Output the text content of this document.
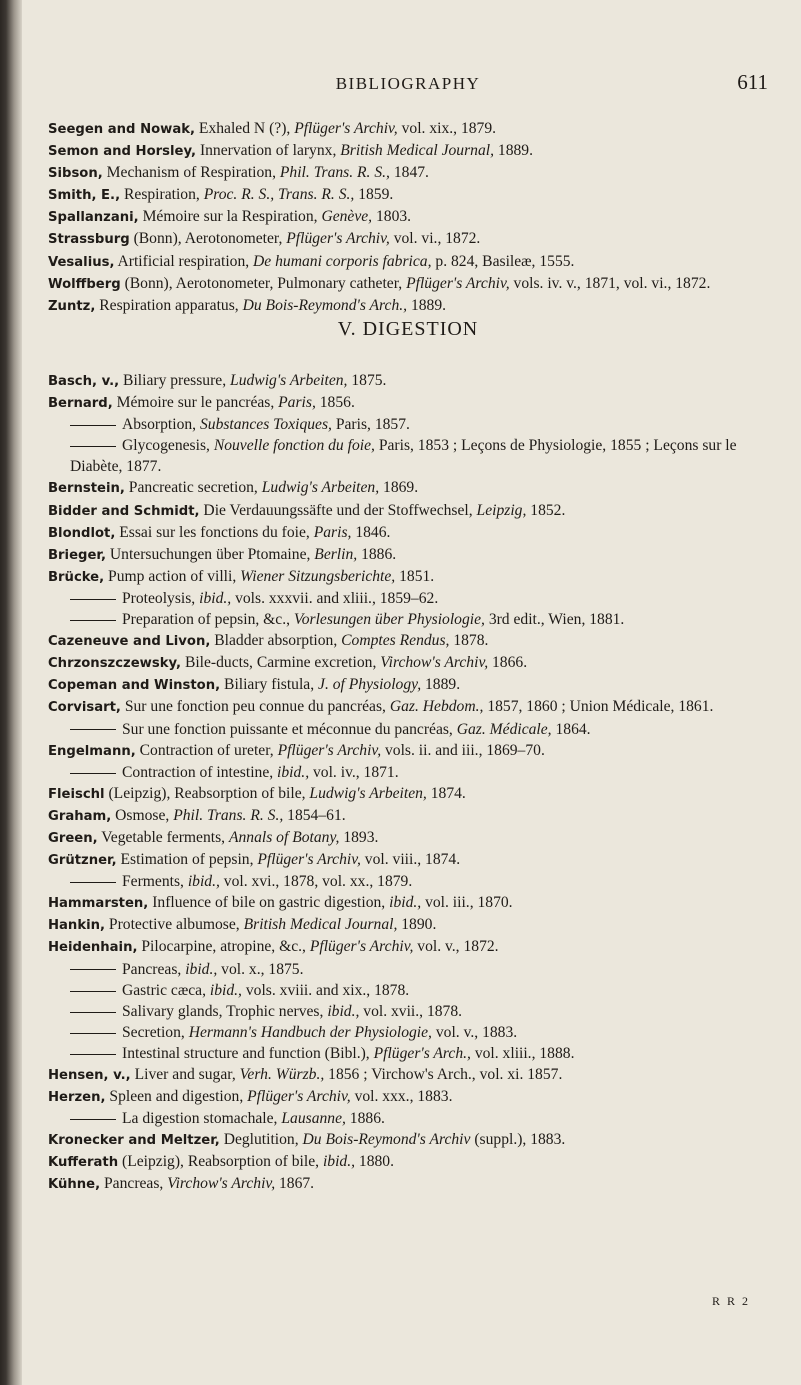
BIBLIOGRAPHY	611

Seegen and Nowak, Exhaled N (?), Pflüger's Archiv, vol. xix., 1879.

Semon and Horsley, Innervation of larynx, British Medical Journal, 1889.

Sibson, Mechanism of Respiration, Phil. Trans. R. S., 1847.

Smith, E., Respiration, Proc. R. S., Trans. R. S., 1859.

Spallanzani, Mémoire sur la Respiration, Genève, 1803.

Strassburg (Bonn), Aerotonometer, Pflüger's Archiv, vol. vi., 1872.

Vesalius, Artificial respiration, De humani corporis fabrica, p. 824, Basileæ, 1555.

Wolffberg (Bonn), Aerotonometer, Pulmonary catheter, Pflüger's Archiv, vols. iv. v., 1871, vol. vi., 1872.

Zuntz, Respiration apparatus, Du Bois-Reymond's Arch., 1889.

V. DIGESTION

Basch, v., Biliary pressure, Ludwig's Arbeiten, 1875.

Bernard, Mémoire sur le pancréas, Paris, 1856.

Absorption, Substances Toxiques, Paris, 1857.

Glycogenesis, Nouvelle fonction du foie, Paris, 1853 ; Leçons de Physiologie, 1855 ; Leçons sur le Diabète, 1877.

Bernstein, Pancreatic secretion, Ludwig's Arbeiten, 1869.

Bidder and Schmidt, Die Verdauungssäfte und der Stoffwechsel, Leipzig, 1852.

Blondlot, Essai sur les fonctions du foie, Paris, 1846.

Brieger, Untersuchungen über Ptomaine, Berlin, 1886.

Brücke, Pump action of villi, Wiener Sitzungsberichte, 1851.

Proteolysis, ibid., vols. xxxvii. and xliii., 1859–62.

Preparation of pepsin, &c., Vorlesungen über Physiologie, 3rd edit., Wien, 1881.

Cazeneuve and Livon, Bladder absorption, Comptes Rendus, 1878.

Chrzonszczewsky, Bile-ducts, Carmine excretion, Virchow's Archiv, 1866.

Copeman and Winston, Biliary fistula, J. of Physiology, 1889.

Corvisart, Sur une fonction peu connue du pancréas, Gaz. Hebdom., 1857, 1860 ; Union Médicale, 1861.

Sur une fonction puissante et méconnue du pancréas, Gaz. Médicale, 1864.

Engelmann, Contraction of ureter, Pflüger's Archiv, vols. ii. and iii., 1869–70.

Contraction of intestine, ibid., vol. iv., 1871.

Fleischl (Leipzig), Reabsorption of bile, Ludwig's Arbeiten, 1874.

Graham, Osmose, Phil. Trans. R. S., 1854–61.

Green, Vegetable ferments, Annals of Botany, 1893.

Grützner, Estimation of pepsin, Pflüger's Archiv, vol. viii., 1874.

Ferments, ibid., vol. xvi., 1878, vol. xx., 1879.

Hammarsten, Influence of bile on gastric digestion, ibid., vol. iii., 1870.

Hankin, Protective albumose, British Medical Journal, 1890.

Heidenhain, Pilocarpine, atropine, &c., Pflüger's Archiv, vol. v., 1872.

Pancreas, ibid., vol. x., 1875.

Gastric cæca, ibid., vols. xviii. and xix., 1878.

Salivary glands, Trophic nerves, ibid., vol. xvii., 1878.

Secretion, Hermann's Handbuch der Physiologie, vol. v., 1883.

Intestinal structure and function (Bibl.), Pflüger's Arch., vol. xliii., 1888.

Hensen, v., Liver and sugar, Verh. Würzb., 1856 ; Virchow's Arch., vol. xi. 1857.

Herzen, Spleen and digestion, Pflüger's Archiv, vol. xxx., 1883.

La digestion stomachale, Lausanne, 1886.

Kronecker and Meltzer, Deglutition, Du Bois-Reymond's Archiv (suppl.), 1883.

Kufferath (Leipzig), Reabsorption of bile, ibid., 1880.

Kühne, Pancreas, Virchow's Archiv, 1867.

R R 2
